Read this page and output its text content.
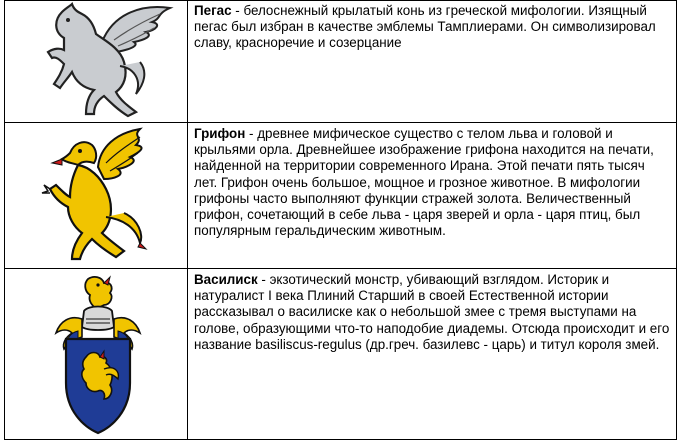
Пегас - белоснежный крылатый конь из греческой мифологии. Изящный пегас был избран в качестве эмблемы Тамплиерами. Он символизировал славу, красноречие и созерцание

Грифон - древнее мифическое существо с телом льва и головой и крыльями орла. Древнейшее изображение грифона находится на печати, найденной на территории современного Ирана. Этой печати пять тысяч лет. Грифон очень большое, мощное и грозное животное. В мифологии грифоны часто выполняют функции стражей золота. Величественный грифон, сочетающий в себе льва - царя зверей и орла - царя птиц, был популярным геральдическим животным.

Василиск - экзотический монстр, убивающий взглядом. Историк и натуралист I века Плиний Старший в своей Естественной истории рассказывал о василиске как о небольшой змее с тремя выступами на голове, образующими что-то наподобие диадемы. Отсюда происходит и его название basiliscus-regulus (др.греч. базилевс - царь) и титул короля змей.
